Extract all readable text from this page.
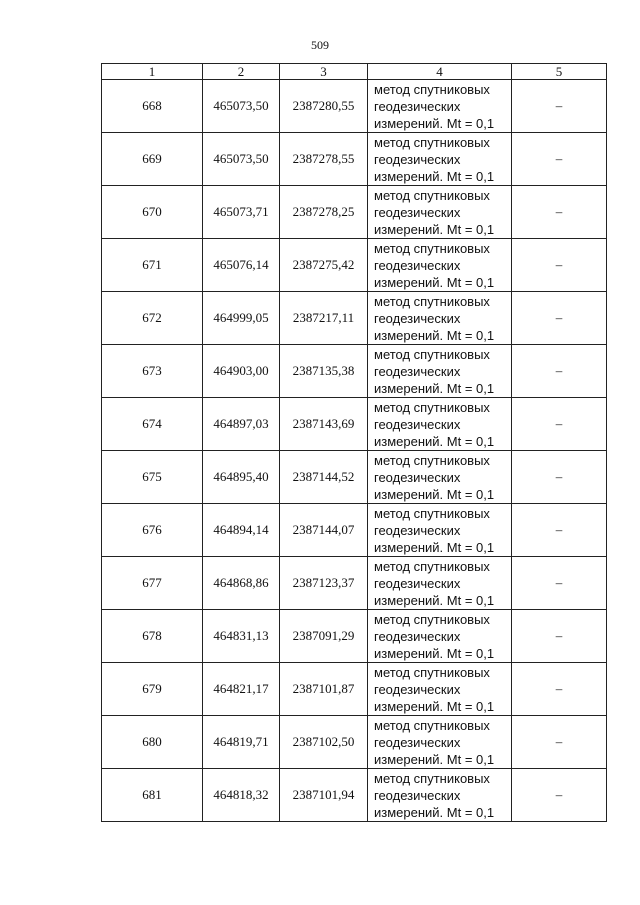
509
1	2	3	4	5
668	465073,50	2387280,55	метод спутниковых
геодезических
измерений. Mt = 0,1	–
669	465073,50	2387278,55	метод спутниковых
геодезических
измерений. Mt = 0,1	–
670	465073,71	2387278,25	метод спутниковых
геодезических
измерений. Mt = 0,1	–
671	465076,14	2387275,42	метод спутниковых
геодезических
измерений. Mt = 0,1	–
672	464999,05	2387217,11	метод спутниковых
геодезических
измерений. Mt = 0,1	–
673	464903,00	2387135,38	метод спутниковых
геодезических
измерений. Mt = 0,1	–
674	464897,03	2387143,69	метод спутниковых
геодезических
измерений. Mt = 0,1	–
675	464895,40	2387144,52	метод спутниковых
геодезических
измерений. Mt = 0,1	–
676	464894,14	2387144,07	метод спутниковых
геодезических
измерений. Mt = 0,1	–
677	464868,86	2387123,37	метод спутниковых
геодезических
измерений. Mt = 0,1	–
678	464831,13	2387091,29	метод спутниковых
геодезических
измерений. Mt = 0,1	–
679	464821,17	2387101,87	метод спутниковых
геодезических
измерений. Mt = 0,1	–
680	464819,71	2387102,50	метод спутниковых
геодезических
измерений. Mt = 0,1	–
681	464818,32	2387101,94	метод спутниковых
геодезических
измерений. Mt = 0,1	–
